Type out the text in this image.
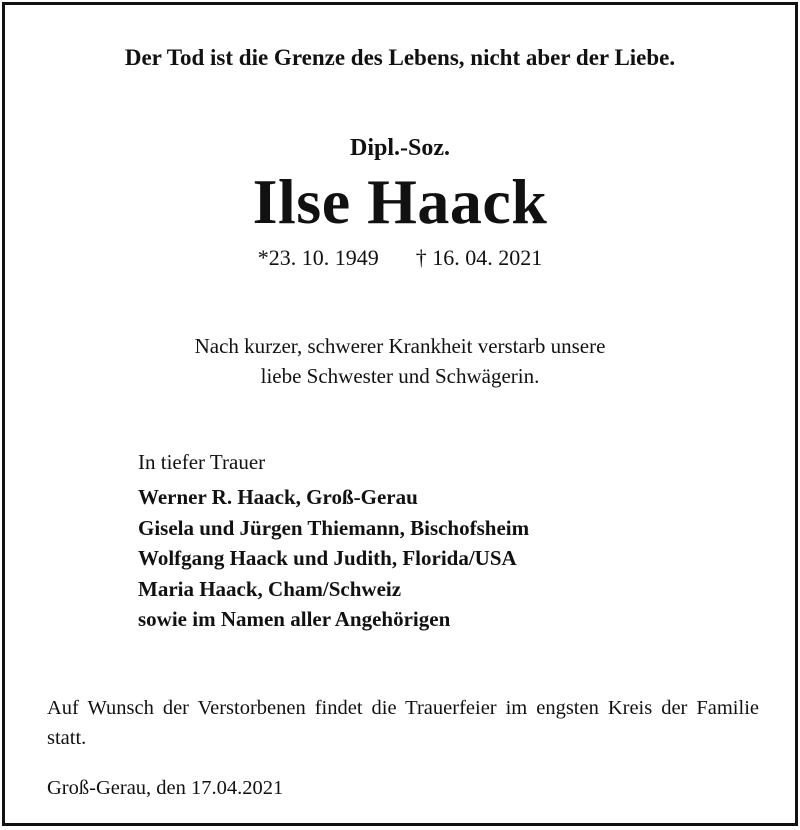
Der Tod ist die Grenze des Lebens, nicht aber der Liebe.
Dipl.-Soz.
Ilse Haack
*23. 10. 1949 † 16. 04. 2021
Nach kurzer, schwerer Krankheit verstarb unsere
liebe Schwester und Schwägerin.
In tiefer Trauer
Werner R. Haack, Groß-Gerau
Gisela und Jürgen Thiemann, Bischofsheim
Wolfgang Haack und Judith, Florida/USA
Maria Haack, Cham/Schweiz
sowie im Namen aller Angehörigen
Auf Wunsch der Verstorbenen findet die Trauerfeier im engsten Kreis der Familie statt.
Groß-Gerau, den 17.04.2021
